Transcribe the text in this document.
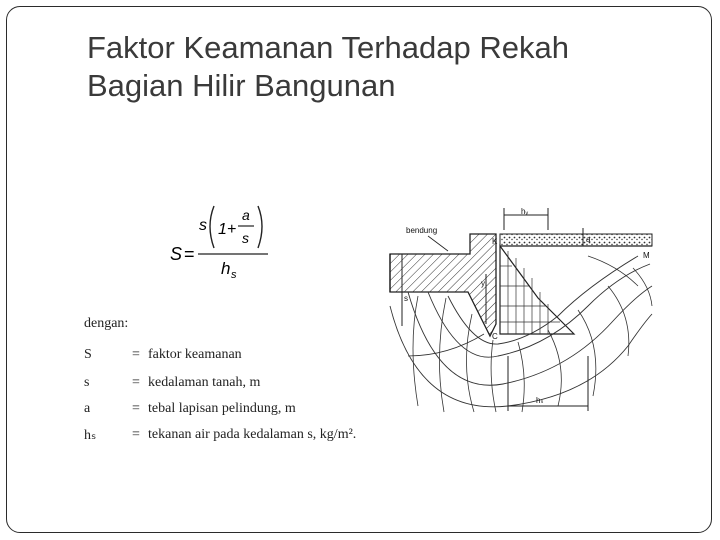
Faktor Keamanan Terhadap Rekah
Bagian Hilir Bangunan
S =
s 1+
a
s
h s
dengan:
S	= faktor keamanan
s	= kedalaman tanah, m
a	= tebal lapisan pelindung, m
hₛ	= tekanan air pada kedalaman s, kg/m².
bendung
hᵥ
K	a
M
y
s
C
hₛ
